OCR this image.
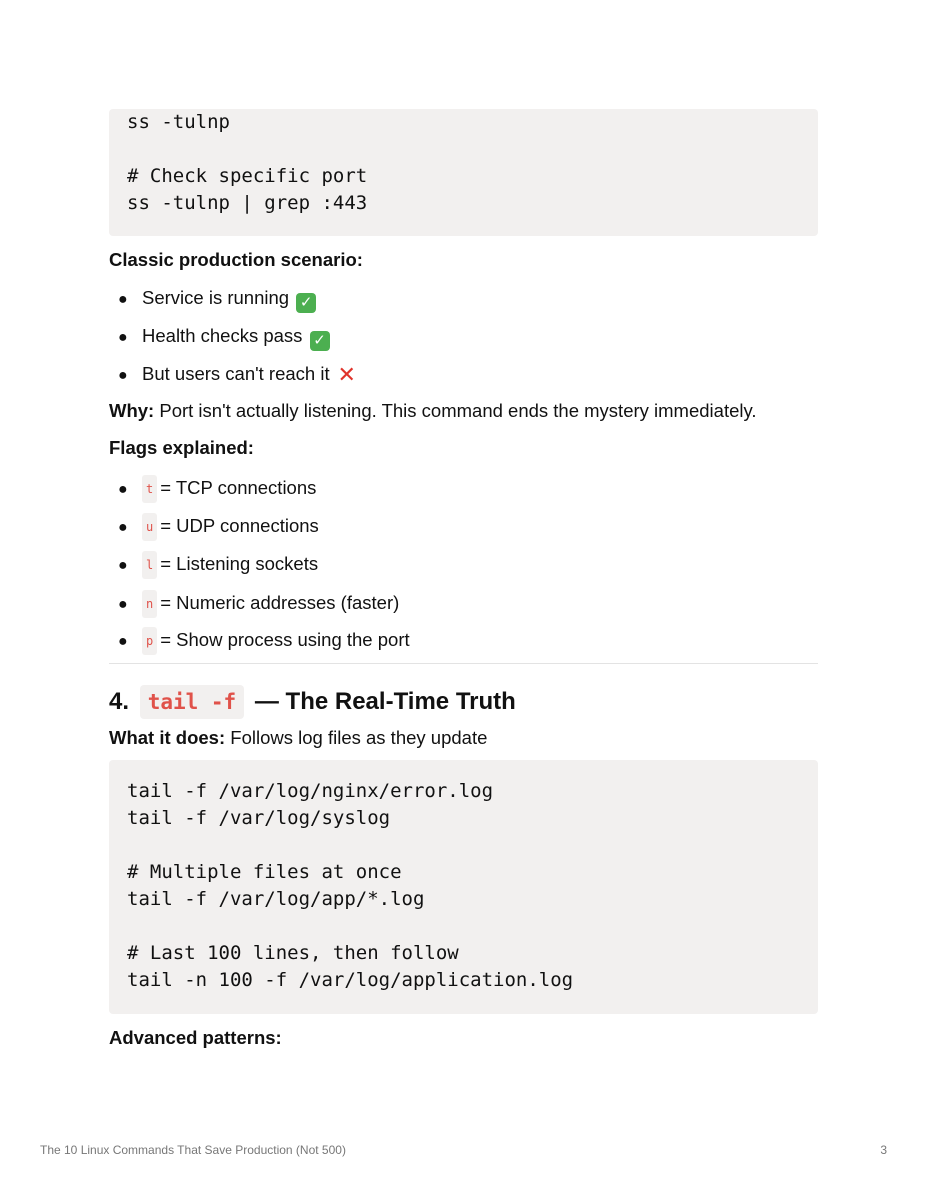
ss -tulnp
# Check specific port
ss -tulnp | grep :443
Classic production scenario:
● Service is running ✓
● Health checks pass ✓
● But users can't reach it ✕
Why: Port isn't actually listening. This command ends the mystery immediately.
Flags explained:
● t = TCP connections
● u = UDP connections
● l = Listening sockets
● n = Numeric addresses (faster)
● p = Show process using the port
4. tail -f — The Real-Time Truth
What it does: Follows log files as they update
tail -f /var/log/nginx/error.log
tail -f /var/log/syslog
# Multiple files at once
tail -f /var/log/app/*.log
# Last 100 lines, then follow
tail -n 100 -f /var/log/application.log
Advanced patterns:
The 10 Linux Commands That Save Production (Not 500)	3
